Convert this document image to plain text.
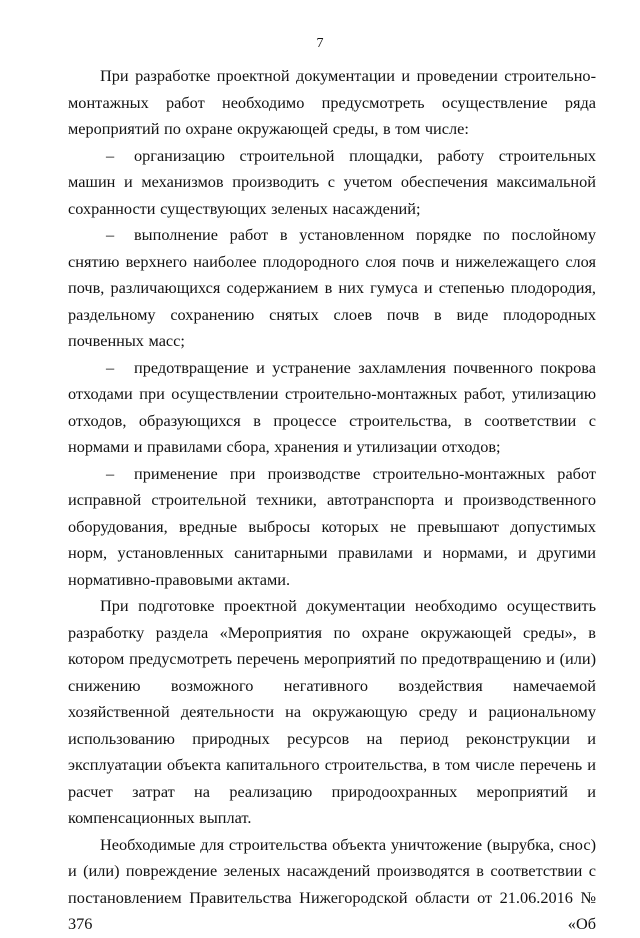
7

При разработке проектной документации и проведении строительно-монтажных работ необходимо предусмотреть осуществление ряда мероприятий по охране окружающей среды, в том числе:

– организацию строительной площадки, работу строительных машин и механизмов производить с учетом обеспечения максимальной сохранности существующих зеленых насаждений;

– выполнение работ в установленном порядке по послойному снятию верхнего наиболее плодородного слоя почв и нижележащего слоя почв, различающихся содержанием в них гумуса и степенью плодородия, раздельному сохранению снятых слоев почв в виде плодородных почвенных масс;

– предотвращение и устранение захламления почвенного покрова отходами при осуществлении строительно-монтажных работ, утилизацию отходов, образующихся в процессе строительства, в соответствии с нормами и правилами сбора, хранения и утилизации отходов;

– применение при производстве строительно-монтажных работ исправной строительной техники, автотранспорта и производственного оборудования, вредные выбросы которых не превышают допустимых норм, установленных санитарными правилами и нормами, и другими нормативно-правовыми актами.

При подготовке проектной документации необходимо осуществить разработку раздела «Мероприятия по охране окружающей среды», в котором предусмотреть перечень мероприятий по предотвращению и (или) снижению возможного негативного воздействия намечаемой хозяйственной деятельности на окружающую среду и рациональному использованию природных ресурсов на период реконструкции и эксплуатации объекта капитального строительства, в том числе перечень и расчет затрат на реализацию природоохранных мероприятий и компенсационных выплат.

Необходимые для строительства объекта уничтожение (вырубка, снос) и (или) повреждение зеленых насаждений производятся в соответствии с постановлением Правительства Нижегородской области от 21.06.2016 № 376 «Об
